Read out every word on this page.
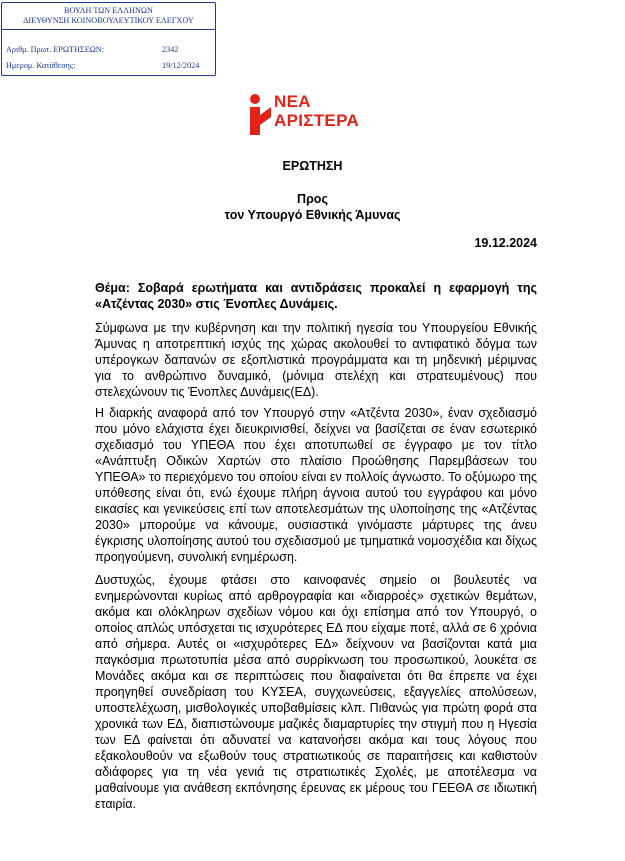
ΒΟΥΛΗ ΤΩΝ ΕΛΛΗΝΩΝ
ΔΙΕΥΘΥΝΣΗ ΚΟΙΝΟΒΟΥΛΕΥΤΙΚΟΥ ΕΛΕΓΧΟΥ
Αριθμ. Πρωτ. ΕΡΩΤΗΣΕΩΝ:	2342
Ημερομ. Κατάθεσης:	19/12/2024
ΝΕΑ
ΑΡΙΣΤΕΡΑ
ΕΡΩΤΗΣΗ
Προς
τον Υπουργό Εθνικής Άμυνας
19.12.2024
Θέμα: Σοβαρά ερωτήματα και αντιδράσεις προκαλεί η εφαρμογή της «Ατζέντας 2030» στις Ένοπλες Δυνάμεις.

Σύμφωνα με την κυβέρνηση και την πολιτική ηγεσία του Υπουργείου Εθνικής Άμυνας η αποτρεπτική ισχύς της χώρας ακολουθεί το αντιφατικό δόγμα των υπέρογκων δαπανών σε εξοπλιστικά προγράμματα και τη μηδενική μέριμνας για το ανθρώπινο δυναμικό, (μόνιμα στελέχη και στρατευμένους) που στελεχώνουν τις Ένοπλες Δυνάμεις(ΕΔ).

Η διαρκής αναφορά από τον Υπουργό στην «Ατζέντα 2030», έναν σχεδιασμό που μόνο ελάχιστα έχει διευκρινισθεί, δείχνει να βασίζεται σε έναν εσωτερικό σχεδιασμό του ΥΠΕΘΑ που έχει αποτυπωθεί σε έγγραφο με τον τίτλο «Ανάπτυξη Οδικών Χαρτών στο πλαίσιο Προώθησης Παρεμβάσεων του ΥΠΕΘΑ» το περιεχόμενο του οποίου είναι εν πολλοίς άγνωστο. Το οξύμωρο της υπόθεσης είναι ότι, ενώ έχουμε πλήρη άγνοια αυτού του εγγράφου και μόνο εικασίες και γενικεύσεις επί των αποτελεσμάτων της υλοποίησης της «Ατζέντας 2030» μπορούμε να κάνουμε, ουσιαστικά γινόμαστε μάρτυρες της άνευ έγκρισης υλοποίησης αυτού του σχεδιασμού με τμηματικά νομοσχέδια και δίχως προηγούμενη, συνολική ενημέρωση.

Δυστυχώς, έχουμε φτάσει στο καινοφανές σημείο οι βουλευτές να ενημερώνονται κυρίως από αρθρογραφία και «διαρροές» σχετικών θεμάτων, ακόμα και ολόκληρων σχεδίων νόμου και όχι επίσημα από τον Υπουργό, ο οποίος απλώς υπόσχεται τις ισχυρότερες ΕΔ που είχαμε ποτέ, αλλά σε 6 χρόνια από σήμερα. Αυτές οι «ισχυρότερες ΕΔ» δείχνουν να βασίζονται κατά μια παγκόσμια πρωτοτυπία μέσα από συρρίκνωση του προσωπικού, λουκέτα σε Μονάδες ακόμα και σε περιπτώσεις που διαφαίνεται ότι θα έπρεπε να έχει προηγηθεί συνεδρίαση του ΚΥΣΕΑ, συγχωνεύσεις, εξαγγελίες απολύσεων, υποστελέχωση, μισθολογικές υποβαθμίσεις κλπ. Πιθανώς για πρώτη φορά στα χρονικά των ΕΔ, διαπιστώνουμε μαζικές διαμαρτυρίες την στιγμή που η Ηγεσία των ΕΔ φαίνεται ότι αδυνατεί να κατανοήσει ακόμα και τους λόγους που εξακολουθούν να εξωθούν τους στρατιωτικούς σε παραιτήσεις και καθιστούν αδιάφορες για τη νέα γενιά τις στρατιωτικές Σχολές, με αποτέλεσμα να μαθαίνουμε για ανάθεση εκπόνησης έρευνας εκ μέρους του ΓΕΕΘΑ σε ιδιωτική εταιρία.
